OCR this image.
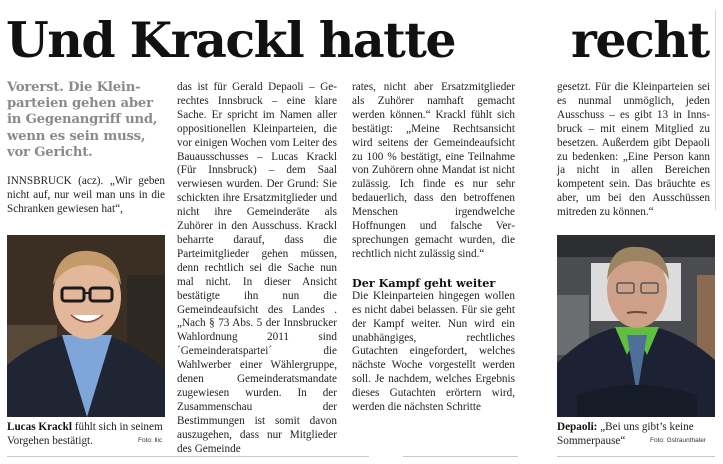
Und Krackl hatte recht

Vorerst. Die Kleinparteien gehen aber in Gegenangriff und, wenn es sein muss, vor Gericht.

INNSBRUCK (acz). „Wir geben nicht auf, nur weil man uns in die Schranken gewiesen hat“,

Lucas Krackl fühlt sich in seinem Vorgehen bestätigt.	Foto: llic

das ist für Gerald Depaoli – Gerechtes Innsbruck – eine klare Sache. Er spricht im Namen aller oppositionellen Kleinparteien, die vor einigen Wochen vom Leiter des Bauausschusses – Lucas Krackl (Für Innsbruck) – dem Saal verwiesen wurden. Der Grund: Sie schickten ihre Ersatzmitglieder und nicht ihre Gemeinderäte als Zuhörer in den Ausschuss. Krackl beharrte darauf, dass die Parteimitglieder gehen müssen, denn rechtlich sei die Sache nun mal nicht. In dieser Ansicht bestätigte ihn nun die Gemeindeaufsicht des Landes . „Nach § 73 Abs. 5 der Innsbrucker Wahlordnung 2011 sind ´Gemeinderatspartei´ die Wahlwerber einer Wählergruppe, denen Gemeinderatsmandate zugewiesen wurden. In der Zusammenschau der Bestimmungen ist somit davon auszugehen, dass nur Mitglieder des Gemeinde

rates, nicht aber Ersatzmitglieder als Zuhörer namhaft gemacht werden können.“ Krackl fühlt sich bestätigt: „Meine Rechtsansicht wird seitens der Gemeindeaufsicht zu 100 % bestätigt, eine Teilnahme von Zuhörern ohne Mandat ist nicht zulässig. Ich finde es nur sehr bedauerlich, dass den betroffenen Menschen irgendwelche Hoffnungen und falsche Versprechungen gemacht wurden, die rechtlich nicht zulässig sind.“

Der Kampf geht weiter

Die Kleinparteien hingegen wollen es nicht dabei belassen. Für sie geht der Kampf weiter. Nun wird ein unabhängiges, rechtliches Gutachten eingefordert, welches nächste Woche vorgestellt werden soll. Je nachdem, welches Ergebnis dieses Gutachten erörtern wird, werden die nächsten Schritte

gesetzt. Für die Kleinparteien sei es nunmal unmöglich, jeden Ausschuss – es gibt 13 in Innsbruck – mit einem Mitglied zu besetzen. Außerdem gibt Depaoli zu bedenken: „Eine Person kann ja nicht in allen Bereichen kompetent sein. Das bräuchte es aber, um bei den Ausschüssen mitreden zu können.“

Depaoli: „Bei uns gibt’s keine Sommerpause“	Foto: Gstraunthaler
